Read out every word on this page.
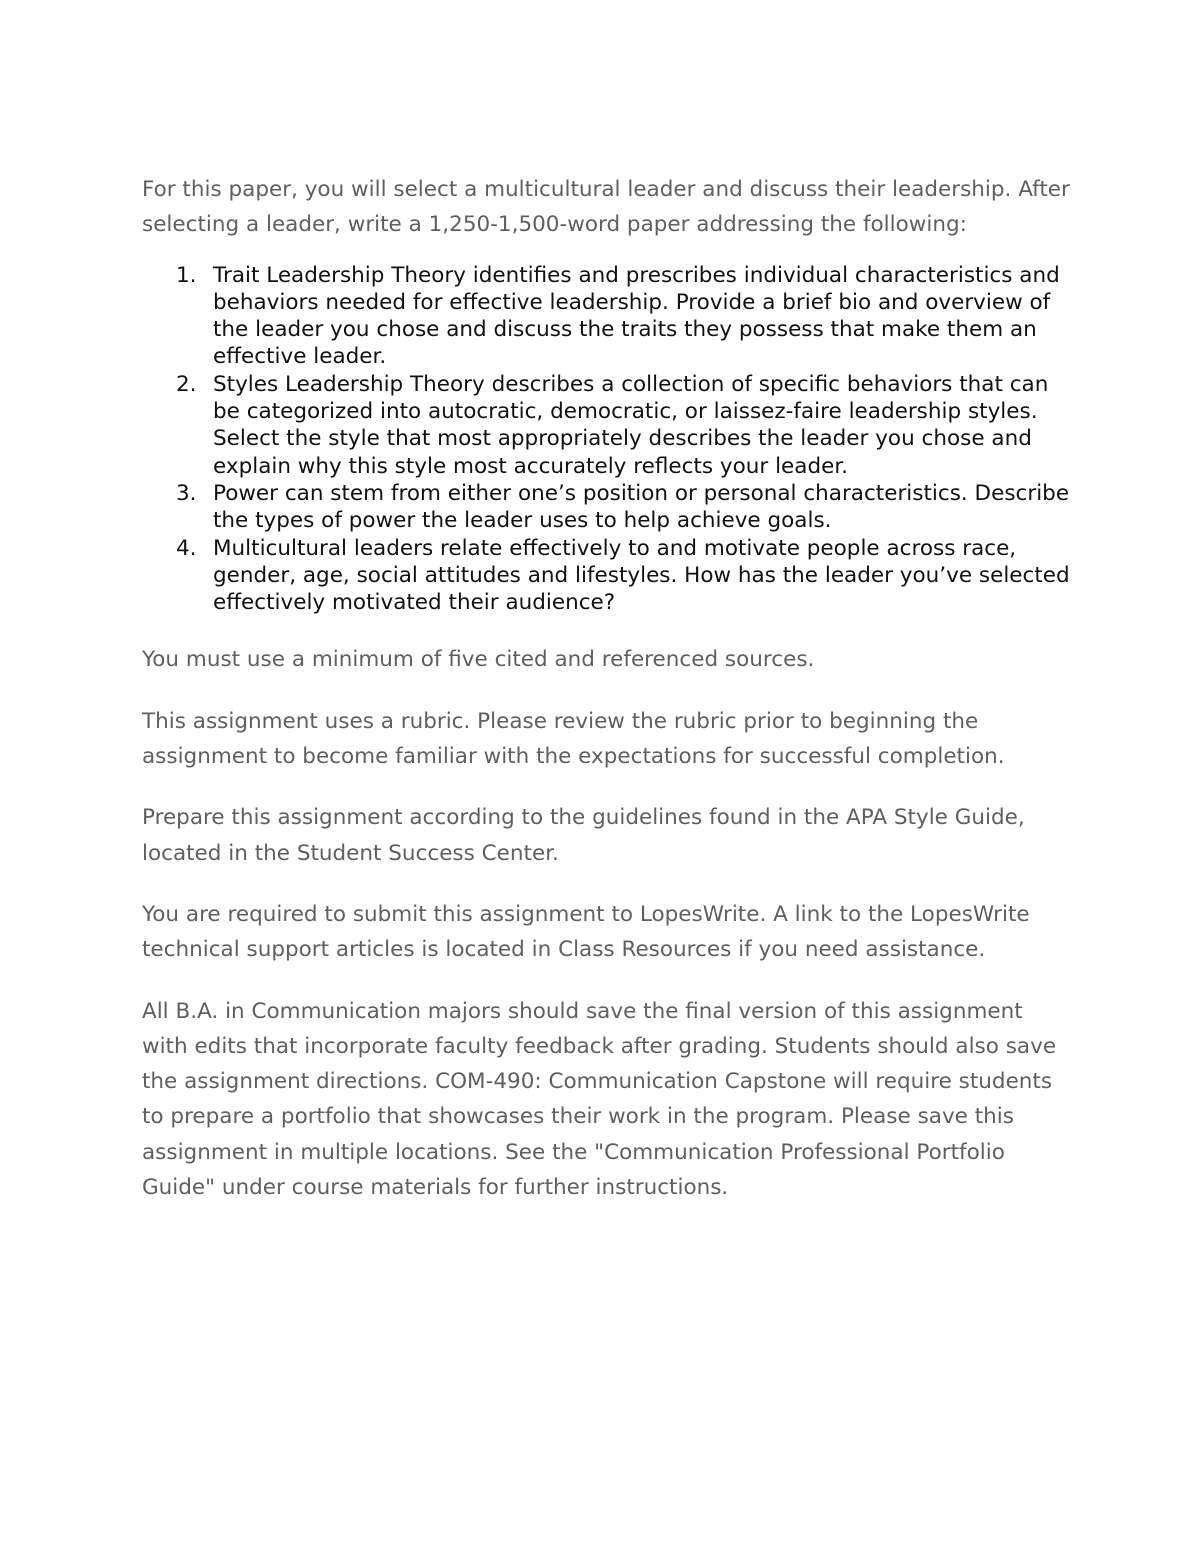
For this paper, you will select a multicultural leader and discuss their leadership. After selecting a leader, write a 1,250-1,500-word paper addressing the following:

1. Trait Leadership Theory identifies and prescribes individual characteristics and behaviors needed for effective leadership. Provide a brief bio and overview of the leader you chose and discuss the traits they possess that make them an effective leader.
2. Styles Leadership Theory describes a collection of specific behaviors that can be categorized into autocratic, democratic, or laissez-faire leadership styles. Select the style that most appropriately describes the leader you chose and explain why this style most accurately reflects your leader.
3. Power can stem from either one’s position or personal characteristics. Describe the types of power the leader uses to help achieve goals.
4. Multicultural leaders relate effectively to and motivate people across race, gender, age, social attitudes and lifestyles. How has the leader you’ve selected effectively motivated their audience?

You must use a minimum of five cited and referenced sources.

This assignment uses a rubric. Please review the rubric prior to beginning the assignment to become familiar with the expectations for successful completion.

Prepare this assignment according to the guidelines found in the APA Style Guide, located in the Student Success Center.

You are required to submit this assignment to LopesWrite. A link to the LopesWrite technical support articles is located in Class Resources if you need assistance.

All B.A. in Communication majors should save the final version of this assignment with edits that incorporate faculty feedback after grading. Students should also save the assignment directions. COM-490: Communication Capstone will require students to prepare a portfolio that showcases their work in the program. Please save this assignment in multiple locations. See the "Communication Professional Portfolio Guide" under course materials for further instructions.
